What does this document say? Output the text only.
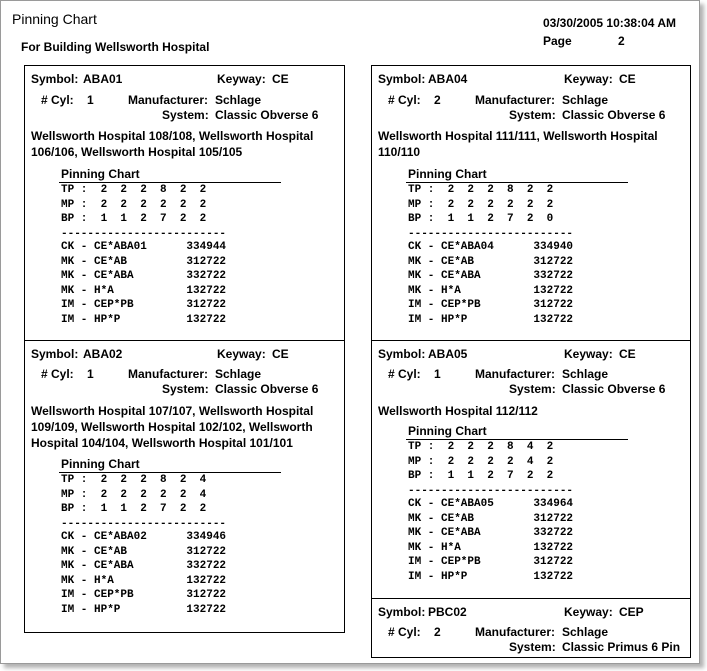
Pinning Chart
For Building Wellsworth Hospital
03/30/2005 10:38:04 AM
Page	2
Symbol: ABA01	Keyway: CE
# Cyl: 1	Manufacturer: Schlage
System: Classic Obverse 6
Wellsworth Hospital 108/108, Wellsworth Hospital 106/106, Wellsworth Hospital 105/105
Pinning Chart
TP :  2  2  2  8  2  2
MP :  2  2  2  2  2  2
BP :  1  1  2  7  2  2
-------------------------
CK - CE*ABA01      334944
MK - CE*AB         312722
MK - CE*ABA        332722
MK - H*A           132722
IM - CEP*PB        312722
IM - HP*P          132722
Symbol: ABA04	Keyway: CE
# Cyl: 2	Manufacturer: Schlage
System: Classic Obverse 6
Wellsworth Hospital 111/111, Wellsworth Hospital 110/110
Pinning Chart
TP :  2  2  2  8  2  2
MP :  2  2  2  2  2  2
BP :  1  1  2  7  2  0
-------------------------
CK - CE*ABA04      334940
MK - CE*AB         312722
MK - CE*ABA        332722
MK - H*A           132722
IM - CEP*PB        312722
IM - HP*P          132722
Symbol: ABA02	Keyway: CE
# Cyl: 1	Manufacturer: Schlage
System: Classic Obverse 6
Wellsworth Hospital 107/107, Wellsworth Hospital 109/109, Wellsworth Hospital 102/102, Wellsworth Hospital 104/104, Wellsworth Hospital 101/101
Pinning Chart
TP :  2  2  2  8  2  4
MP :  2  2  2  2  2  4
BP :  1  1  2  7  2  2
-------------------------
CK - CE*ABA02      334946
MK - CE*AB         312722
MK - CE*ABA        332722
MK - H*A           132722
IM - CEP*PB        312722
IM - HP*P          132722
Symbol: ABA05	Keyway: CE
# Cyl: 1	Manufacturer: Schlage
System: Classic Obverse 6
Wellsworth Hospital 112/112
Pinning Chart
TP :  2  2  2  8  4  2
MP :  2  2  2  2  4  2
BP :  1  1  2  7  2  2
-------------------------
CK - CE*ABA05      334964
MK - CE*AB         312722
MK - CE*ABA        332722
MK - H*A           132722
IM - CEP*PB        312722
IM - HP*P          132722
Symbol: PBC02	Keyway: CEP
# Cyl: 2	Manufacturer: Schlage
System: Classic Primus 6 Pin
